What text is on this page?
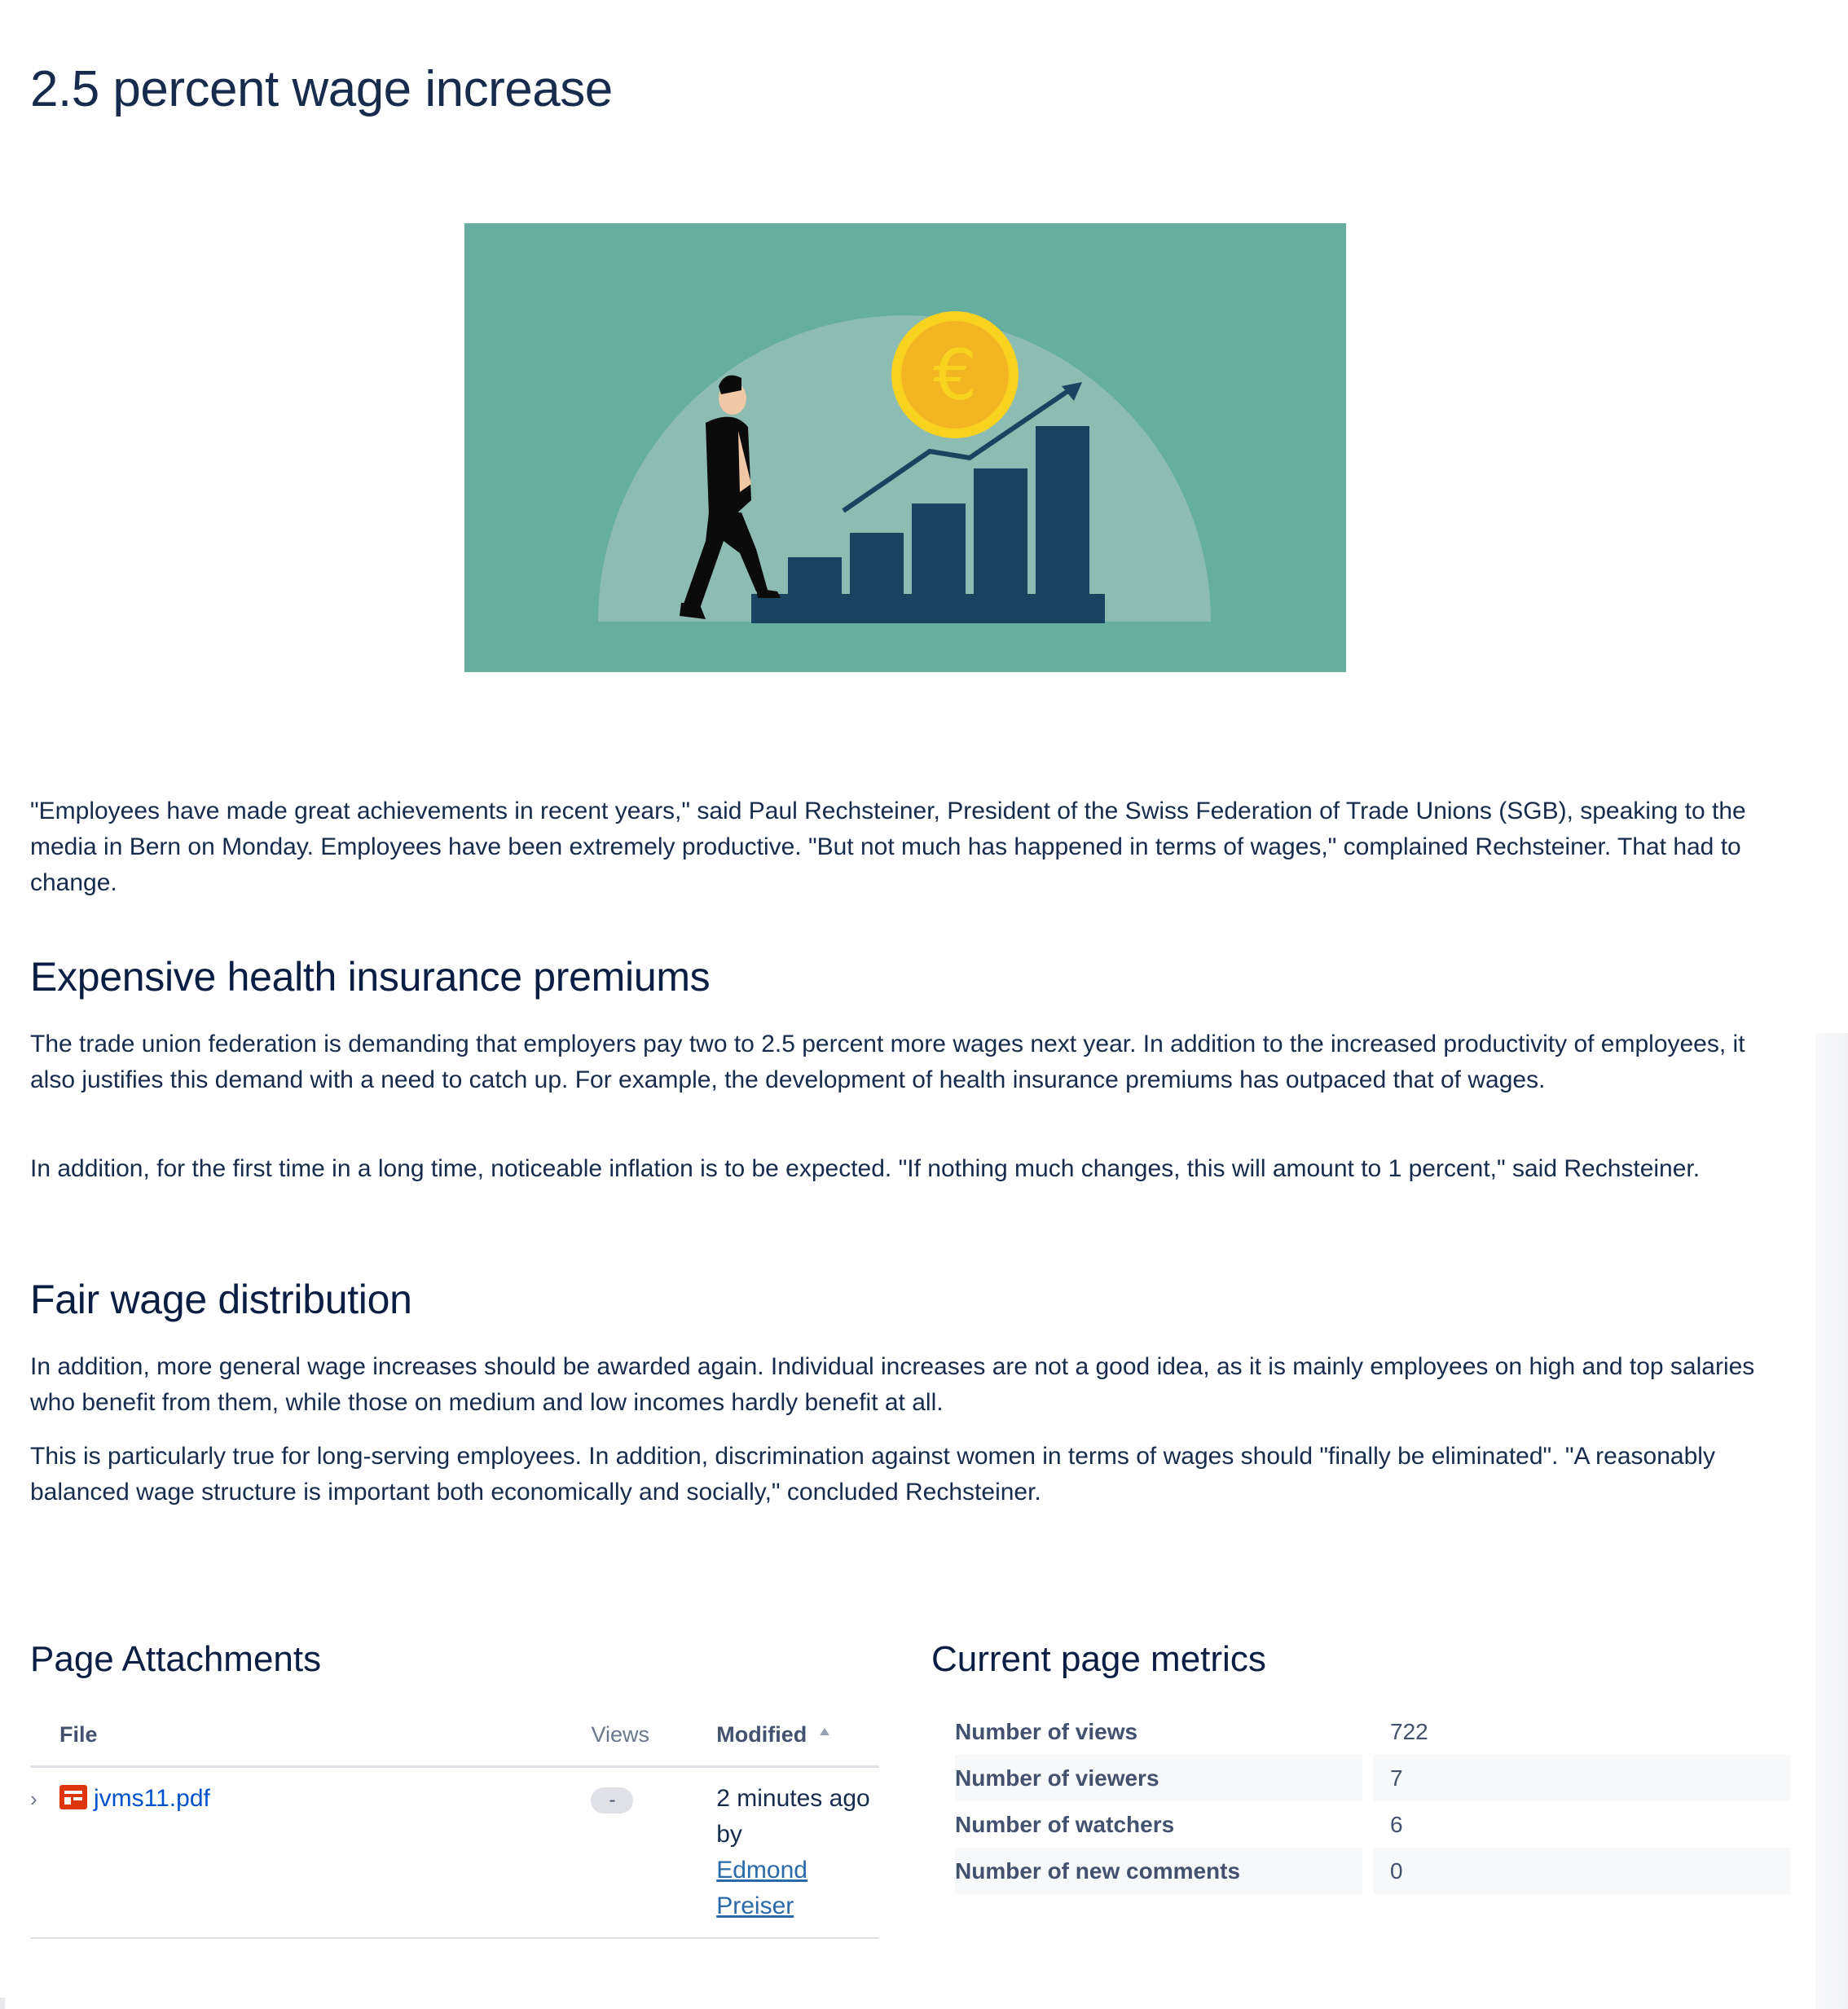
2.5 percent wage increase
€

"Employees have made great achievements in recent years," said Paul Rechsteiner, President of the Swiss Federation of Trade Unions (SGB), speaking to the media in Bern on Monday. Employees have been extremely productive. "But not much has happened in terms of wages," complained Rechsteiner. That had to change.

Expensive health insurance premiums

The trade union federation is demanding that employers pay two to 2.5 percent more wages next year. In addition to the increased productivity of employees, it also justifies this demand with a need to catch up. For example, the development of health insurance premiums has outpaced that of wages.

In addition, for the first time in a long time, noticeable inflation is to be expected. "If nothing much changes, this will amount to 1 percent," said Rechsteiner.

Fair wage distribution

In addition, more general wage increases should be awarded again. Individual increases are not a good idea, as it is mainly employees on high and top salaries who benefit from them, while those on medium and low incomes hardly benefit at all.

This is particularly true for long-serving employees. In addition, discrimination against women in terms of wages should "finally be eliminated". "A reasonably balanced wage structure is important both economically and socially," concluded Rechsteiner.

Page Attachments
File	Views	Modified
› jvms11.pdf	-	2 minutes ago by
Edmond Preiser
Current page metrics
Number of views	722
Number of viewers	7
Number of watchers	6
Number of new comments	0
